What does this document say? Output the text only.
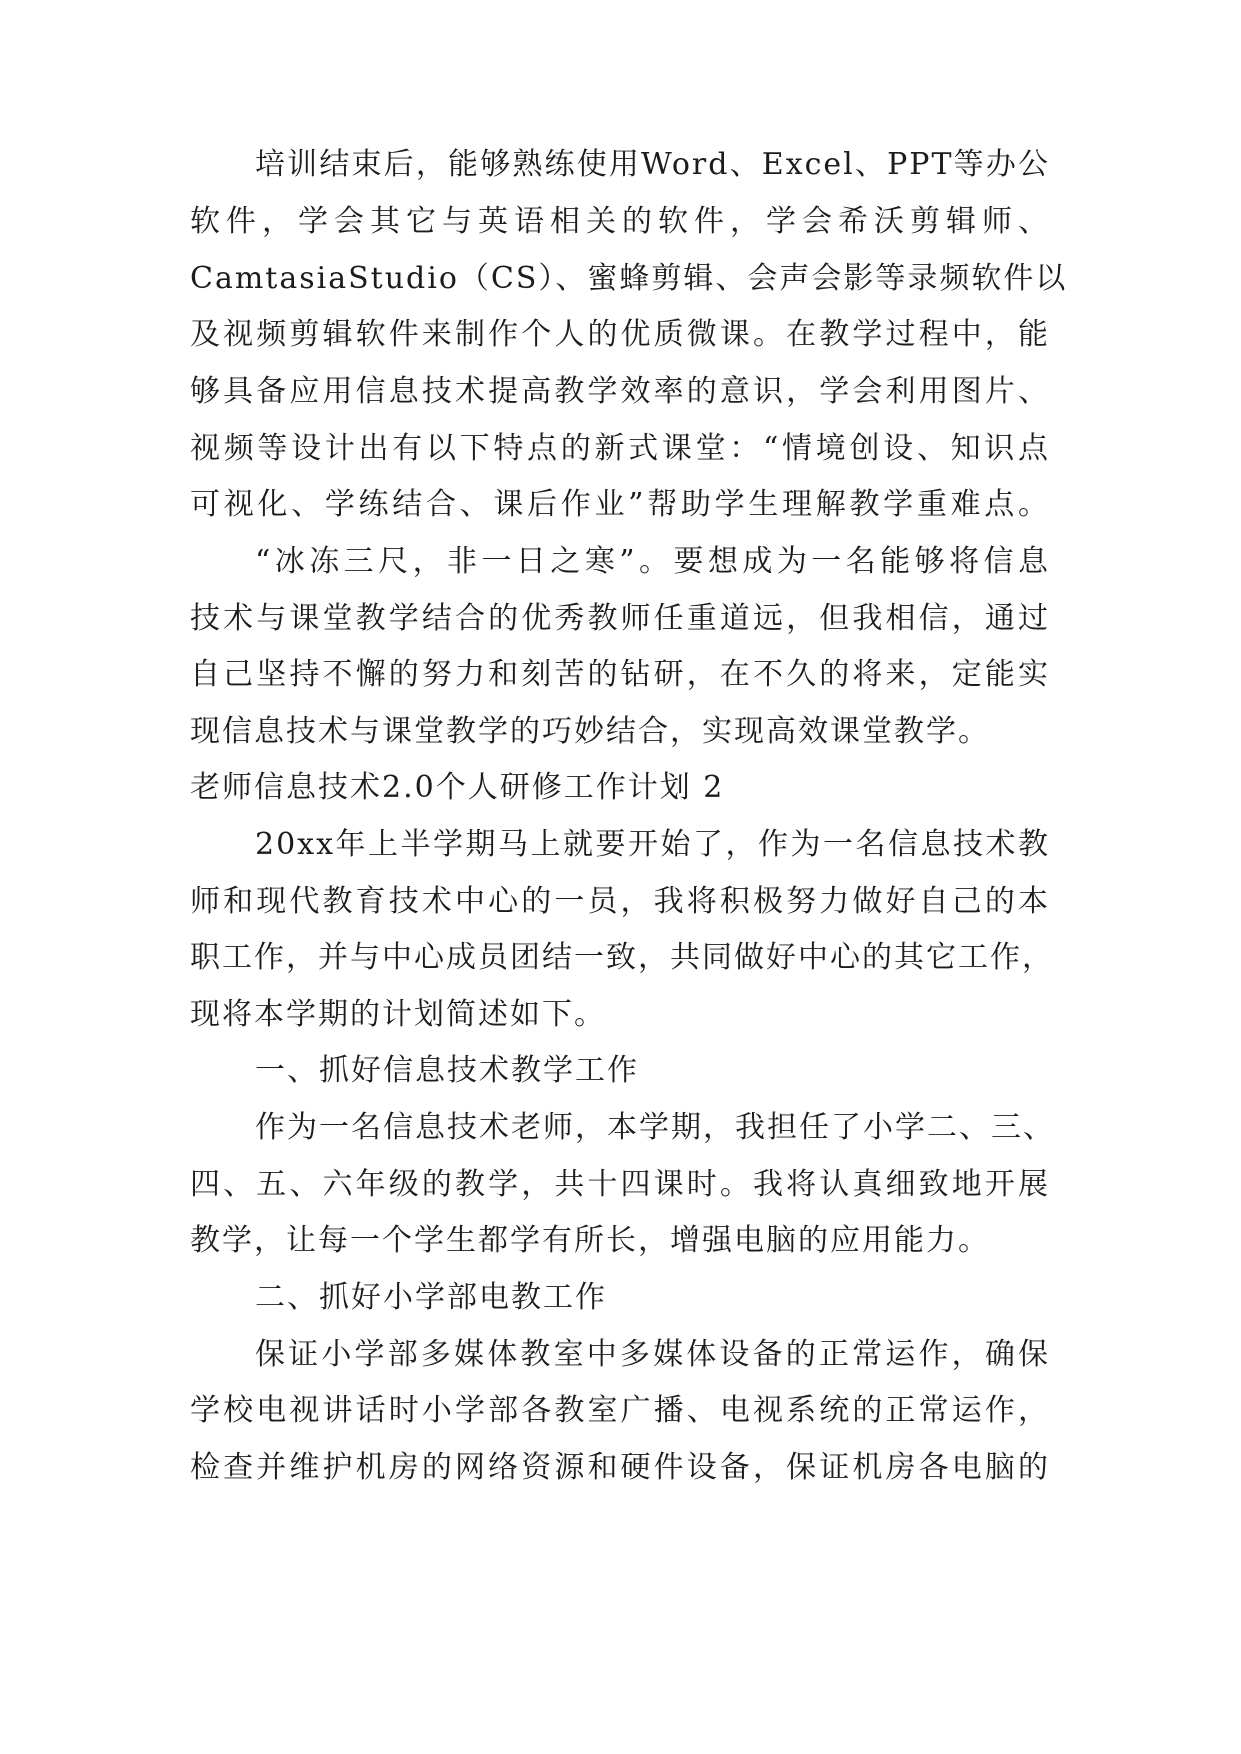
培训结束后，能够熟练使用Word、Excel、PPT等办公
软件，学会其它与英语相关的软件，学会希沃剪辑师、
CamtasiaStudio（CS）、蜜蜂剪辑、会声会影等录频软件以
及视频剪辑软件来制作个人的优质微课。在教学过程中，能
够具备应用信息技术提高教学效率的意识，学会利用图片、
视频等设计出有以下特点的新式课堂：“情境创设、知识点
可视化、学练结合、课后作业”帮助学生理解教学重难点。
“冰冻三尺，非一日之寒”。要想成为一名能够将信息
技术与课堂教学结合的优秀教师任重道远，但我相信，通过
自己坚持不懈的努力和刻苦的钻研，在不久的将来，定能实
现信息技术与课堂教学的巧妙结合，实现高效课堂教学。
老师信息技术2.0个人研修工作计划 2
20xx年上半学期马上就要开始了，作为一名信息技术教
师和现代教育技术中心的一员，我将积极努力做好自己的本
职工作，并与中心成员团结一致，共同做好中心的其它工作，
现将本学期的计划简述如下。
一、抓好信息技术教学工作
作为一名信息技术老师，本学期，我担任了小学二、三、
四、五、六年级的教学，共十四课时。我将认真细致地开展
教学，让每一个学生都学有所长，增强电脑的应用能力。
二、抓好小学部电教工作
保证小学部多媒体教室中多媒体设备的正常运作，确保
学校电视讲话时小学部各教室广播、电视系统的正常运作，
检查并维护机房的网络资源和硬件设备，保证机房各电脑的
